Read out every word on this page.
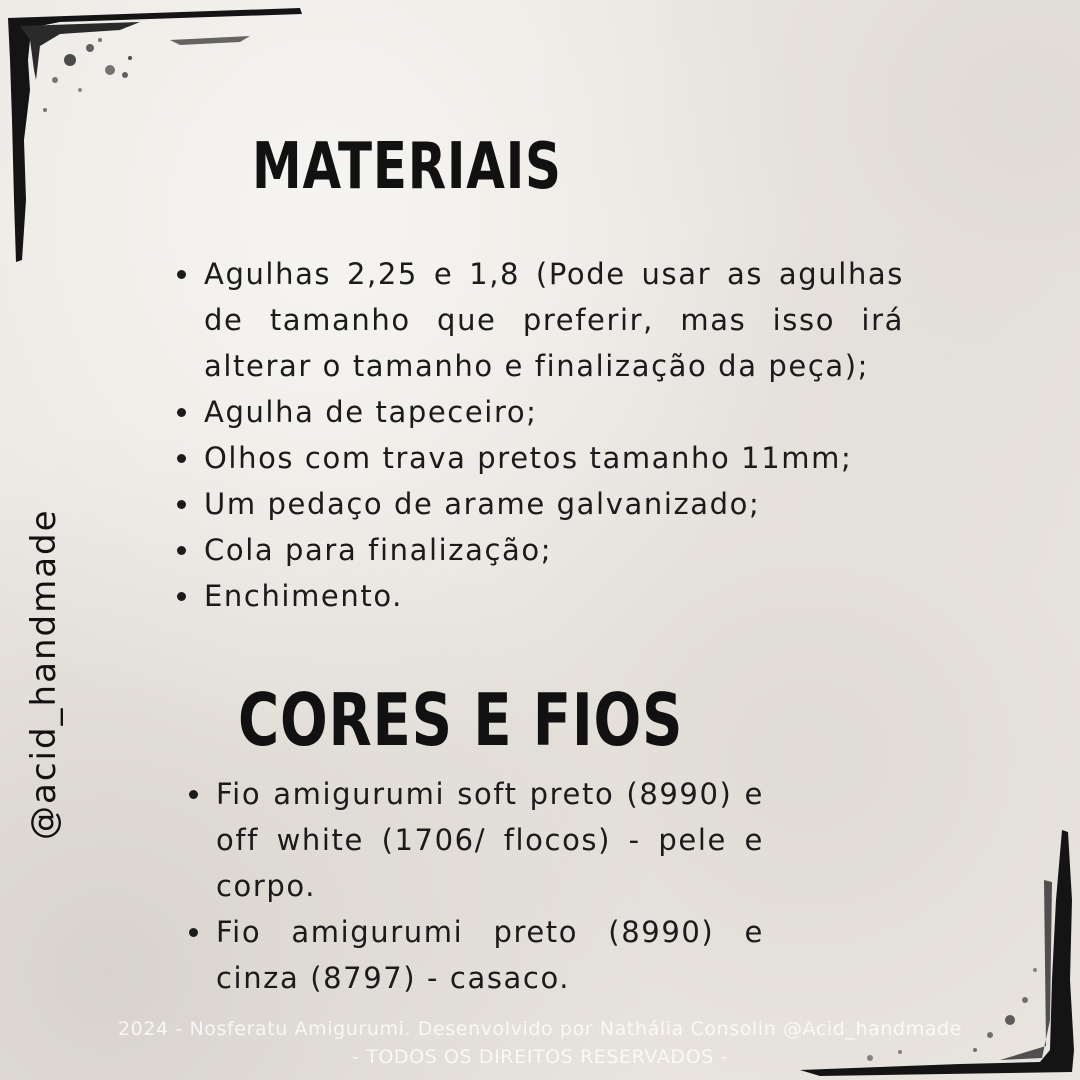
@acid_handmade
MATERIAIS
Agulhas 2,25 e 1,8 (Pode usar as agulhas de tamanho que preferir, mas isso irá alterar o tamanho e finalização da peça);
Agulha de tapeceiro;
Olhos com trava pretos tamanho 11mm;
Um pedaço de arame galvanizado;
Cola para finalização;
Enchimento.
CORES E FIOS
Fio amigurumi soft preto (8990) e off white (1706/ flocos) - pele e corpo.
Fio amigurumi preto (8990) e cinza (8797) - casaco.
2024 - Nosferatu Amigurumi. Desenvolvido por Nathália Consolin @Acid_handmade
- TODOS OS DIREITOS RESERVADOS -
